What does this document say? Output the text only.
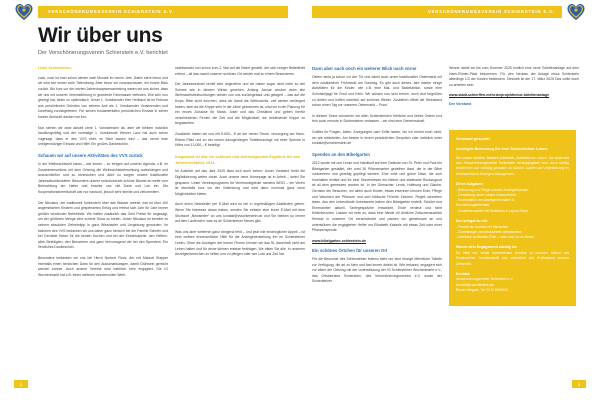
VERSCHÖNERUNGSVEREIN SCHIERSTEIN E.V.	VERSCHÖNERUNGSVEREIN SCHIERSTEIN E.V.
Wir über uns
Der Verschönerungsverein Schierstein e.V. berichtet

Liebe Schiersteiner,

zuck, zuck ist man schon wieder zwei Monate im neuen Jahr. Daten steht bevor und wir sind wie immer volle Tätendrang. Aber bevor wir vorausschauen, ein kurzer Blick zurück. Bis kurz vor der letzten Jahreshauptversammlung waren wir uns sicher, dass wir uns mit unserer Vereinsführung in gewohnte Fahrwasser befinden. Wie sich nun gezeigt hat, leider zu optimistisch. Unser 1. Vorsitzender Herr Hellbach ist im Februar aus persönlichen Gründen von seinem Amt als 1. Vorsitzender Vorsitzenden und kurzfristig zurückgetreten. Für seinen fundamentalen persönlichen Einsatz in seiner kurzen Amtszeit danken wir ihm.

Nun stehen wir zwar aktuell ohne 1. Vorsitzenden da, aber wir bleiben natürlich handlungsfähig und der vormalige 1. Vorsitzende Werner Laux hat auch schon zugesagt, dass er den VVS nicht im Stich lassen wird – das nennt man uneigennütziger Einsatz und Hilfe! Ein großes Dankeschön.

Schauen wir auf unsere Aktivitäten des VVS zurück

In der Weihnachtszeit stand – wie immer – so einiges auf unserer Agenda, z.B. im Zusammenschluss mit dem Ortsring die Weihnachtsbeleuchtung aufzuhängen und anzuschließen und zu schmücken und dicht zu sorgen unsere traditionelle Jahresabschlussfeier. Besonders unsere schmückende schöne Bäume an weite vom Beleuchtung am Hafen und brachte uns viel Dank und Lob ein. Die Kooperationsbereitschaft war nur nassvoll, jedoch sehr familie und zielorientiert.

Der Nikolaus, der traditionell Schierstein über das Wasser anreist, war ist über 100 angemeldeten Kindern und gespendeten Erfolg und erfreut sich Jahr für Jahr immer größter werdender Beliebtheit. Wir hatten zusätzlich das Geld Preise für angesagt, um der größeren Menge eine schöne Show zu bieten. Unser Nikolaus ist bereitet zu seinem absoluten Geheimtipp in ganz Wiesbaden und Umgebung geworden. Im Nahmen des VVS bedanken wir uns daher ganz herzlich bei der Familie Schirfer und bei Gerriabe Huber für die beiden Kuchen und bei der Kinderkapelle, den Helfern, allen Beteiligten, den Besuchern und ganz hervorragend der bei den Spendern. Ein herzliches Dankeschön.

Besonders bedanken wir uns bei Herrn Norbert Fleck, der mit Manuel Klapper ebenfalls einen herzlichen Dank für den Ausschankwagen, damit Glühwein gereicht werden konnte. Auch andere Vereine sind natürlich sehr engagiert. Die IG Wochenmarkt hat z.B. einen weiteren wundervollen Weih-

nachtsmarkt nun schon zum 2. Mal auf die Beine gestellt, der sich reziger Beliebtheit erfreut – all das macht unseren schönen Ort wieder mal zu einem Besonderen.

Der Jahreswechsel verlief sehr angenehm und wir haben sogar nicht mehr so viel Schnee wie in diesem Winter gesehen. Anfang Januar wurden dann alle Weihnachtsbeleuchtungen wieder von uns zurückgebaut und gelagert – das auf die Knips: Bitte sicht eunchen, dass wir damit die Weihnachts- zeit wieder verlängert haben, aber da die Kirppe sehr in die Jahre gekommen ist, sind wir in der Planung für ein neues Zuhause für Maria, Josef und das Christkind und geben hierfür verschiedenen Firmen die Zeit und die Möglichkeit, die bestehende Krippe zu begutachten.

Zusätzlich haben wir uns mit 5.000,– € an der neuen Strom- versorgung am Hans-Römer-Platz und an der neuen dazugehörigen Toilettenanlage mit einer Spende in Höhe von 13.000,– € beteiligt.

Insgesamt ist das ein schönes und befriedigendes Ergebnis für den Jahresrückblick 2024.

Im Ausblick auf das Jahr 2025 lässt sich auch sehen: Unser Vorstand treibt die Digitalisierung weiter voran. Auch unsere neue Homepage ist in Arbeit – seien Sie gespannt. Unser Vereinsprogramm für Vereinsmitglieder namens WiSO – ein Verein ist ebenfalls kurz vor der Vollendung und wird dann nochmal ganz neue Möglichkeiten bieten.

Auch einen Newsletter per E-Mail wird es bei in regelmäßigen Abständen geben. Wenn Sie Interesse daran haben, senden Sie einfach eine kurze E-Mail mit dem Stichwort „Newsletter“ an uns kontakt@vvschierstein.de und Sie bleiben so immer auf dem Laufenden, was es an Schiersteiner Neues gibt.

Was uns aber weiterhin ganz dringend fehlt – und jetzt wie eindringlicher Appell – ist eine weitere ehrenamtliche Hilfe für die Anzeigenerstellung frei im Schiersteiner Leben. Ohne die Anzeigen der treuen Firmen können wir das SL dauerhaft nicht am Leben halten und für deine kleinen ersetze beiträgen. Wir bitten Sie alle, in unserem Anzeigenbereichen zu helfen und zu pflegen oder wer Lust und Zeit hat.

Dann aber auch noch ein weiterer Blick nach vorne

Ostern steht ja schon vor der Tür und damit auch unser traditioneller Ostermarkt mit dem zusätzlichen Frühmarkt am Sonntag. Es gibt auch dieses Jahr wieder einige Aktivitäten für die Kinder, wie z.B. eine Mal- und Bastelaktion, sowie eine Schnitzeljagd für Groß und Klein. Wir würden uns sehr freuen, euch dort begrüßen zu dürfen und hoffen natürlich auf schönes Wetter. Zusätzlich öffnet die Weinstand schon einen Tag vor unserem Ostermarkt – Prost.

In diesem Sinne wünschen wir allen Schiersteinern fröhliche und liebes Ostern und froh auch rennste in Schiersteiner verlassen – wir sind eine Gemeinschaft.

Gottfes ihr Fragen, Ideen, Anregungen oder Kritik haben, bin ich ernest euch nicht, wo wie mitzuteilen. Am besten in einem persönlichen Gespräch oder natürlich unter kontakt@vvschierstein.de

Spenden an den Bibelgarten

2012 wurde mit uns Lenzo und Hardtkult auf dem Gelände von St. Peter und Paul ein Bibelgarten gestaltet, der rund 30 Pflanzenarten gedeihen lässt, die in der Bibel vorkommen und gezeitig gepflegt werden. Eine volle und grüne Oase, die zum Innehalten einlädt und für eine Sinnerwiesen ein kleiner und stadtnahe Rückzugsort ist all dem gemessen worden ist. In der Gemacher, Lenta, Hoffnung und Glaube, Gerrisen der Besucher, vor allem auch Kinder, etwas erkennen können Erde, Pflege und Wachsen der Pflanzen und sich biblische Früchte Zeichen. Regelt schrieben lesen. Aus den Unbestände Unbekannte haben den Bibelgarten erstellt, Schüler und Ehrenamtler aktuell, Tantegespräche entwickelt, Ende verdeut und fahrt fühlenbezüren. Lassen wir rede zu, dass eine hände vill ähnliche Zwischenausblick Kleinod in unserem Ort verschwindet und packen wir gemeinsam an und unterstützen die engagierten Helfer um Elisabeth Kassels mit etwas Zeit oder einer Pflanzenspende.

www.bibelgarten-schierstein.de

Ein schönes Örtchen für unseren Ort

Für die Besucher des Schiersteiner Hafens steht nur eine einzige öffentliche Toilette zur Verfügung, die art zu klein und fast immer defekt ist. Wie bekannt, engagiert sich vor allem der Ortsring mit der Unterstützung der IG Schiersteiner Wochenmarkt e.V., das Ortsbeirates Schierstein, des Verschönerungsvereins e.V. sowie der Schiersteiner

Winzer damit wir bis zum Sommer 2025 endlich eine neue Toilettenanlage auf dem Hans-Römer-Platz bekommen. Für den Neubau der Anlage muss Schierstein allerdings 1/3 der Kosten beisteuern. Deshalb ist der 17. März 2025 Das zollte doch zu arbeiten sein:

www.stadt-schierffen-mehr.de/projekt/neue-toilettenanlage

Der Vorstand

Vorstand gesucht!
Anzeigen-Betreuung für eine Schiersteiner Leben
Wir unsere beliebte Stadtteil-Zeitschrift „Schiersteiner Leben“, die kostenlos vom Verschönerungsverein Schierstein herausgegeben wird, auch künftig erscheinen und vielfältig gestalten zu können, suchen wir Unterstützung im ehrenamtlichen Anzeigen-Management.
Deine Aufgaben:
- Betreuung und Pflege unserer Anzeigenkunden
- Gewinnung neuer lokaler Unternehmen
- Koordination von Anzeigenformaten &
Erscheinungsterminen
- Zusammenarbeit mit Redaktion & Layout-Team
Das bringst du mit:
- Freude am Kontakt mit Menschen
- Zuverlässige und strukturierte Arbeitsweise
- Interesse an Medien-Print – oder Lust, es zu lernen
Warum dein Engagement wichtig ist:
Du hilfst mit, lokale Unternehmen sichtbar zu machen, stärkst das Schiersteiner Gemeinschaft und unterstützt das Fortbestand unserer Zeitschrift.
Kontakt:
Verschönerungsverein Schierstein e.V.
kontakt@vvschierstein.de
Rainer Wegzifz, Tel. 0172 9992624
2	3
